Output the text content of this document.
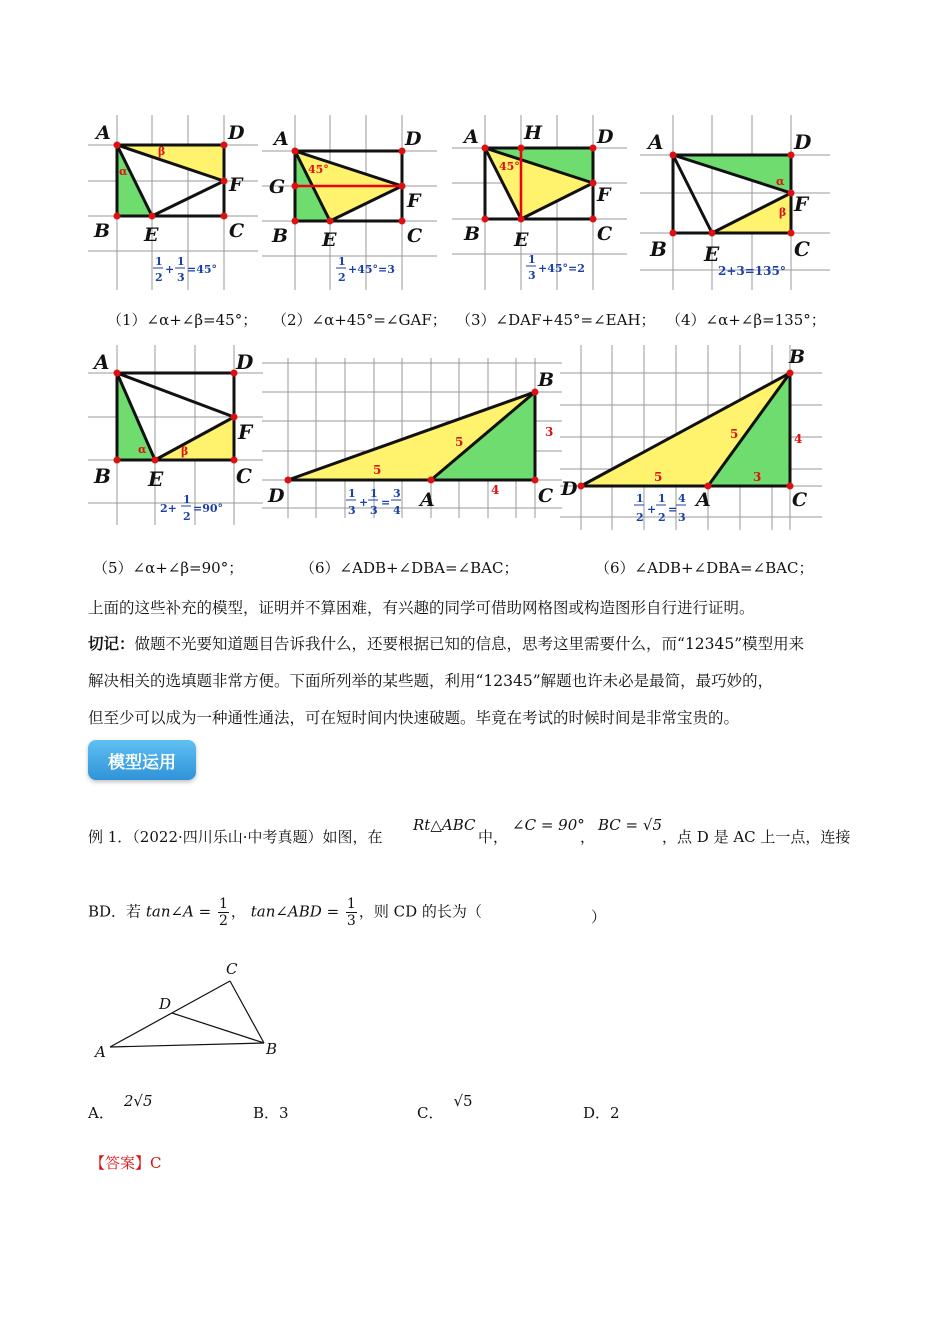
A	D
B E	C
F
α
β
1
2
+
1
3
=45°
A	D
G
F
B E	C
45°
1
2
+45°=3
A H	D
F
B E	C
45°
1
3
+45°=2
A	D
F
B E	C
α
β
2+3=135°
（1）∠α+∠β=45°； （2）∠α+45°=∠GAF； （3）∠DAF+45°=∠EAH； （4）∠α+∠β=135°；
A	D
F
B E	C
α	β
2+
1
2
=90°
B
D	A	C
5
5
3
4
1
3
+
1
3
=
3
4
B
D	A	C
5
5	4
3
1
2
+
1
2
=
4
3
（5）∠α+∠β=90°；	（6）∠ADB+∠DBA=∠BAC；	（6）∠ADB+∠DBA=∠BAC；
上面的这些补充的模型，证明并不算困难，有兴趣的同学可借助网格图或构造图形自行进行证明。
切记：做题不光要知道题目告诉我什么，还要根据已知的信息，思考这里需要什么，而“12345”模型用来
解决相关的选填题非常方便。下面所列举的某些题，利用“12345”解题也许未必是最简，最巧妙的，
但至少可以成为一种通性通法，可在短时间内快速破题。毕竟在考试的时候时间是非常宝贵的。
模型运用
例 1．（2022·四川乐山·中考真题）如图，在
Rt△ABC
中，
∠C = 90°
，
BC = √5
，点 D 是 AC 上一点，连接
BD．若 tan∠A = $\frac{1}{2}$ ， tan∠ABD = $\frac{1}{3}$ ，则 CD 的长为（	）
C
D
A	B
A．2√5
B．3	C．√5
D．2
【答案】C
